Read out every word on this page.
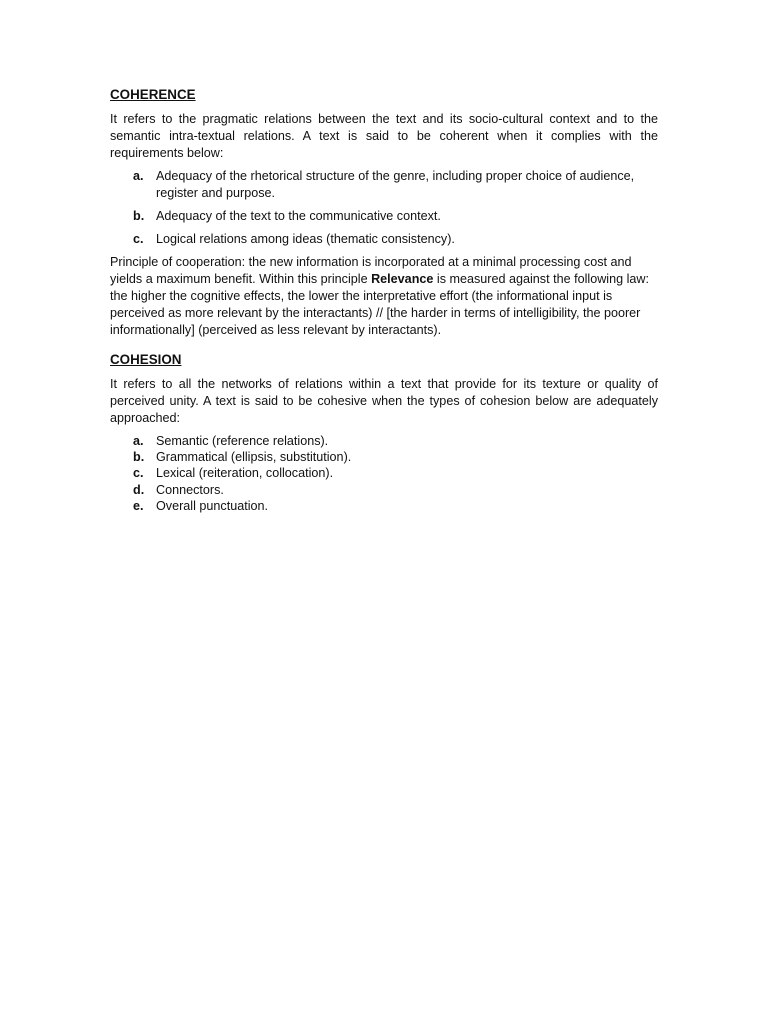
COHERENCE

It refers to the pragmatic relations between the text and its socio-cultural context and to the semantic intra-textual relations. A text is said to be coherent when it complies with the requirements below:

a. Adequacy of the rhetorical structure of the genre, including proper choice of audience, register and purpose.
b. Adequacy of the text to the communicative context.
c. Logical relations among ideas (thematic consistency).

Principle of cooperation: the new information is incorporated at a minimal processing cost and yields a maximum benefit. Within this principle Relevance is measured against the following law: the higher the cognitive effects, the lower the interpretative effort (the informational input is perceived as more relevant by the interactants) // [the harder in terms of intelligibility, the poorer informationally] (perceived as less relevant by interactants).

COHESION

It refers to all the networks of relations within a text that provide for its texture or quality of perceived unity. A text is said to be cohesive when the types of cohesion below are adequately approached:

a. Semantic (reference relations).
b. Grammatical (ellipsis, substitution).
c. Lexical (reiteration, collocation).
d. Connectors.
e. Overall punctuation.
